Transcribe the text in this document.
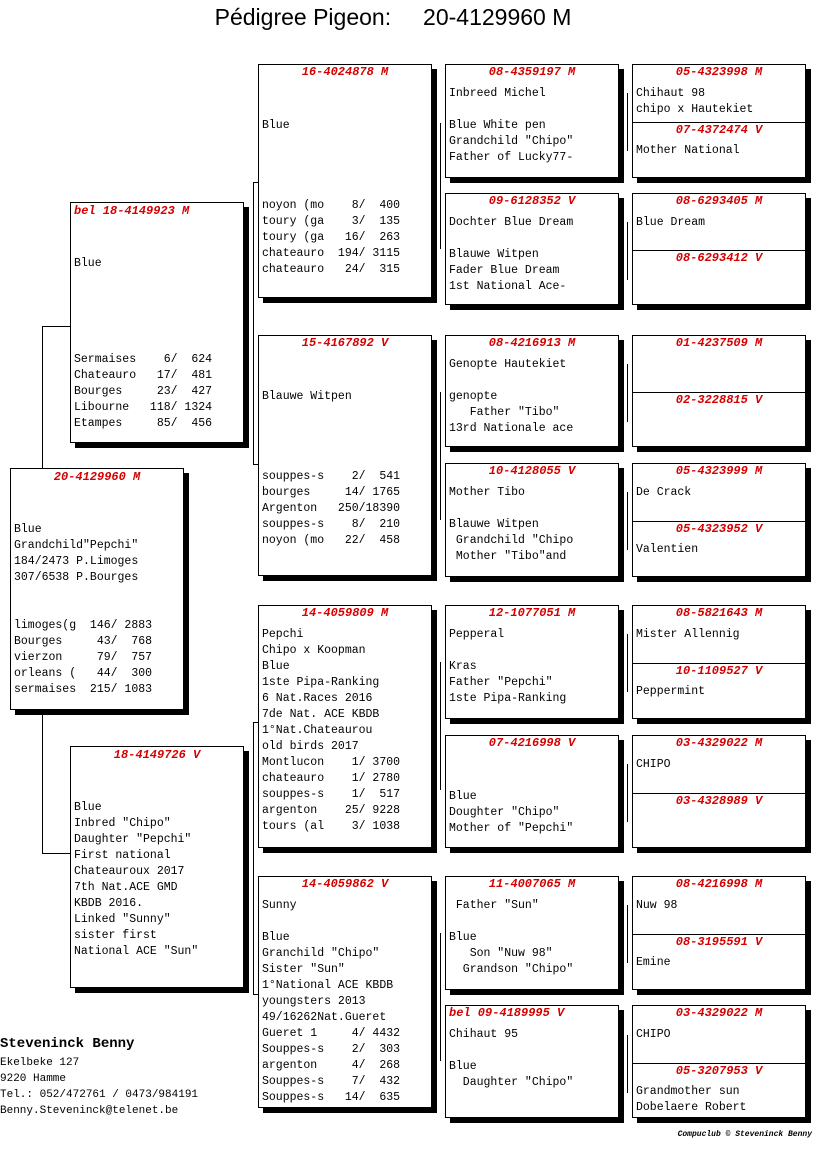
Pédigree Pigeon:     20-4129960 M
20-4129960 M
Blue
Grandchild"Pepchi"
184/2473 P.Limoges
307/6538 P.Bourges

limoges(g  146/ 2883
Bourges     43/  768
vierzon     79/  757
orleans (   44/  300
sermaises  215/ 1083
bel 18-4149923 M
Blue

Sermaises    6/  624
Chateauro   17/  481
Bourges     23/  427
Libourne   118/ 1324
Etampes     85/  456
18-4149726 V

Blue
Inbred "Chipo"
Daughter "Pepchi"
First national
Chateauroux 2017
7th Nat.ACE GMD
KBDB 2016.
Linked "Sunny"
sister first
National ACE "Sun"
16-4024878 M

Blue

noyon (mo    8/  400
toury (ga    3/  135
toury (ga   16/  263
chateauro  194/ 3115
chateauro   24/  315
15-4167892 V

Blauwe Witpen

souppes-s    2/  541
bourges     14/ 1765
Argenton   250/18390
souppes-s    8/  210
noyon (mo   22/  458
14-4059809 M
Pepchi
Chipo x Koopman
Blue
1ste Pipa-Ranking
6 Nat.Races 2016
7de Nat. ACE KBDB
1°Nat.Chateaurou
old birds 2017
Montlucon    1/ 3700
chateauro    1/ 2780
souppes-s    1/  517
argenton    25/ 9228
tours (al    3/ 1038
14-4059862 V
Sunny

Blue
Granchild "Chipo"
Sister "Sun"
1°National ACE KBDB
youngsters 2013
49/16262Nat.Gueret
Gueret 1     4/ 4432
Souppes-s    2/  303
argenton     4/  268
Souppes-s    7/  432
Souppes-s   14/  635
08-4359197 M
Inbreed Michel

Blue White pen
Grandchild "Chipo"
Father of Lucky77-
09-6128352 V
Dochter Blue Dream

Blauwe Witpen
Fader Blue Dream
1st National Ace-
08-4216913 M
Genopte Hautekiet

genopte
Father "Tibo"
13rd Nationale ace
10-4128055 V
Mother Tibo

Blauwe Witpen
Grandchild "Chipo
Mother "Tibo"and
12-1077051 M
Pepperal

Kras
Father "Pepchi"
1ste Pipa-Ranking
07-4216998 V

Blue
Doughter "Chipo"
Mother of "Pepchi"
11-4007065 M
Father "Sun"

Blue
Son "Nuw 98"
Grandson "Chipo"
bel 09-4189995 V
Chihaut 95

Blue
Daughter "Chipo"
05-4323998 M
Chihaut 98
chipo x Hautekiet
07-4372474 V
Mother National
08-6293405 M
Blue Dream
08-6293412 V
01-4237509 M
02-3228815 V
05-4323999 M
De Crack
05-4323952 V
Valentien
08-5821643 M
Mister Allennig
10-1109527 V
Peppermint
03-4329022 M
CHIPO
03-4328989 V
08-4216998 M
Nuw 98
08-3195591 V
Emine
03-4329022 M
CHIPO
05-3207953 V
Grandmother sun
Dobelaere Robert
Steveninck Benny
Ekelbeke 127
9220 Hamme
Tel.: 052/472761 / 0473/984191
Benny.Steveninck@telenet.be
Compuclub © Steveninck Benny
